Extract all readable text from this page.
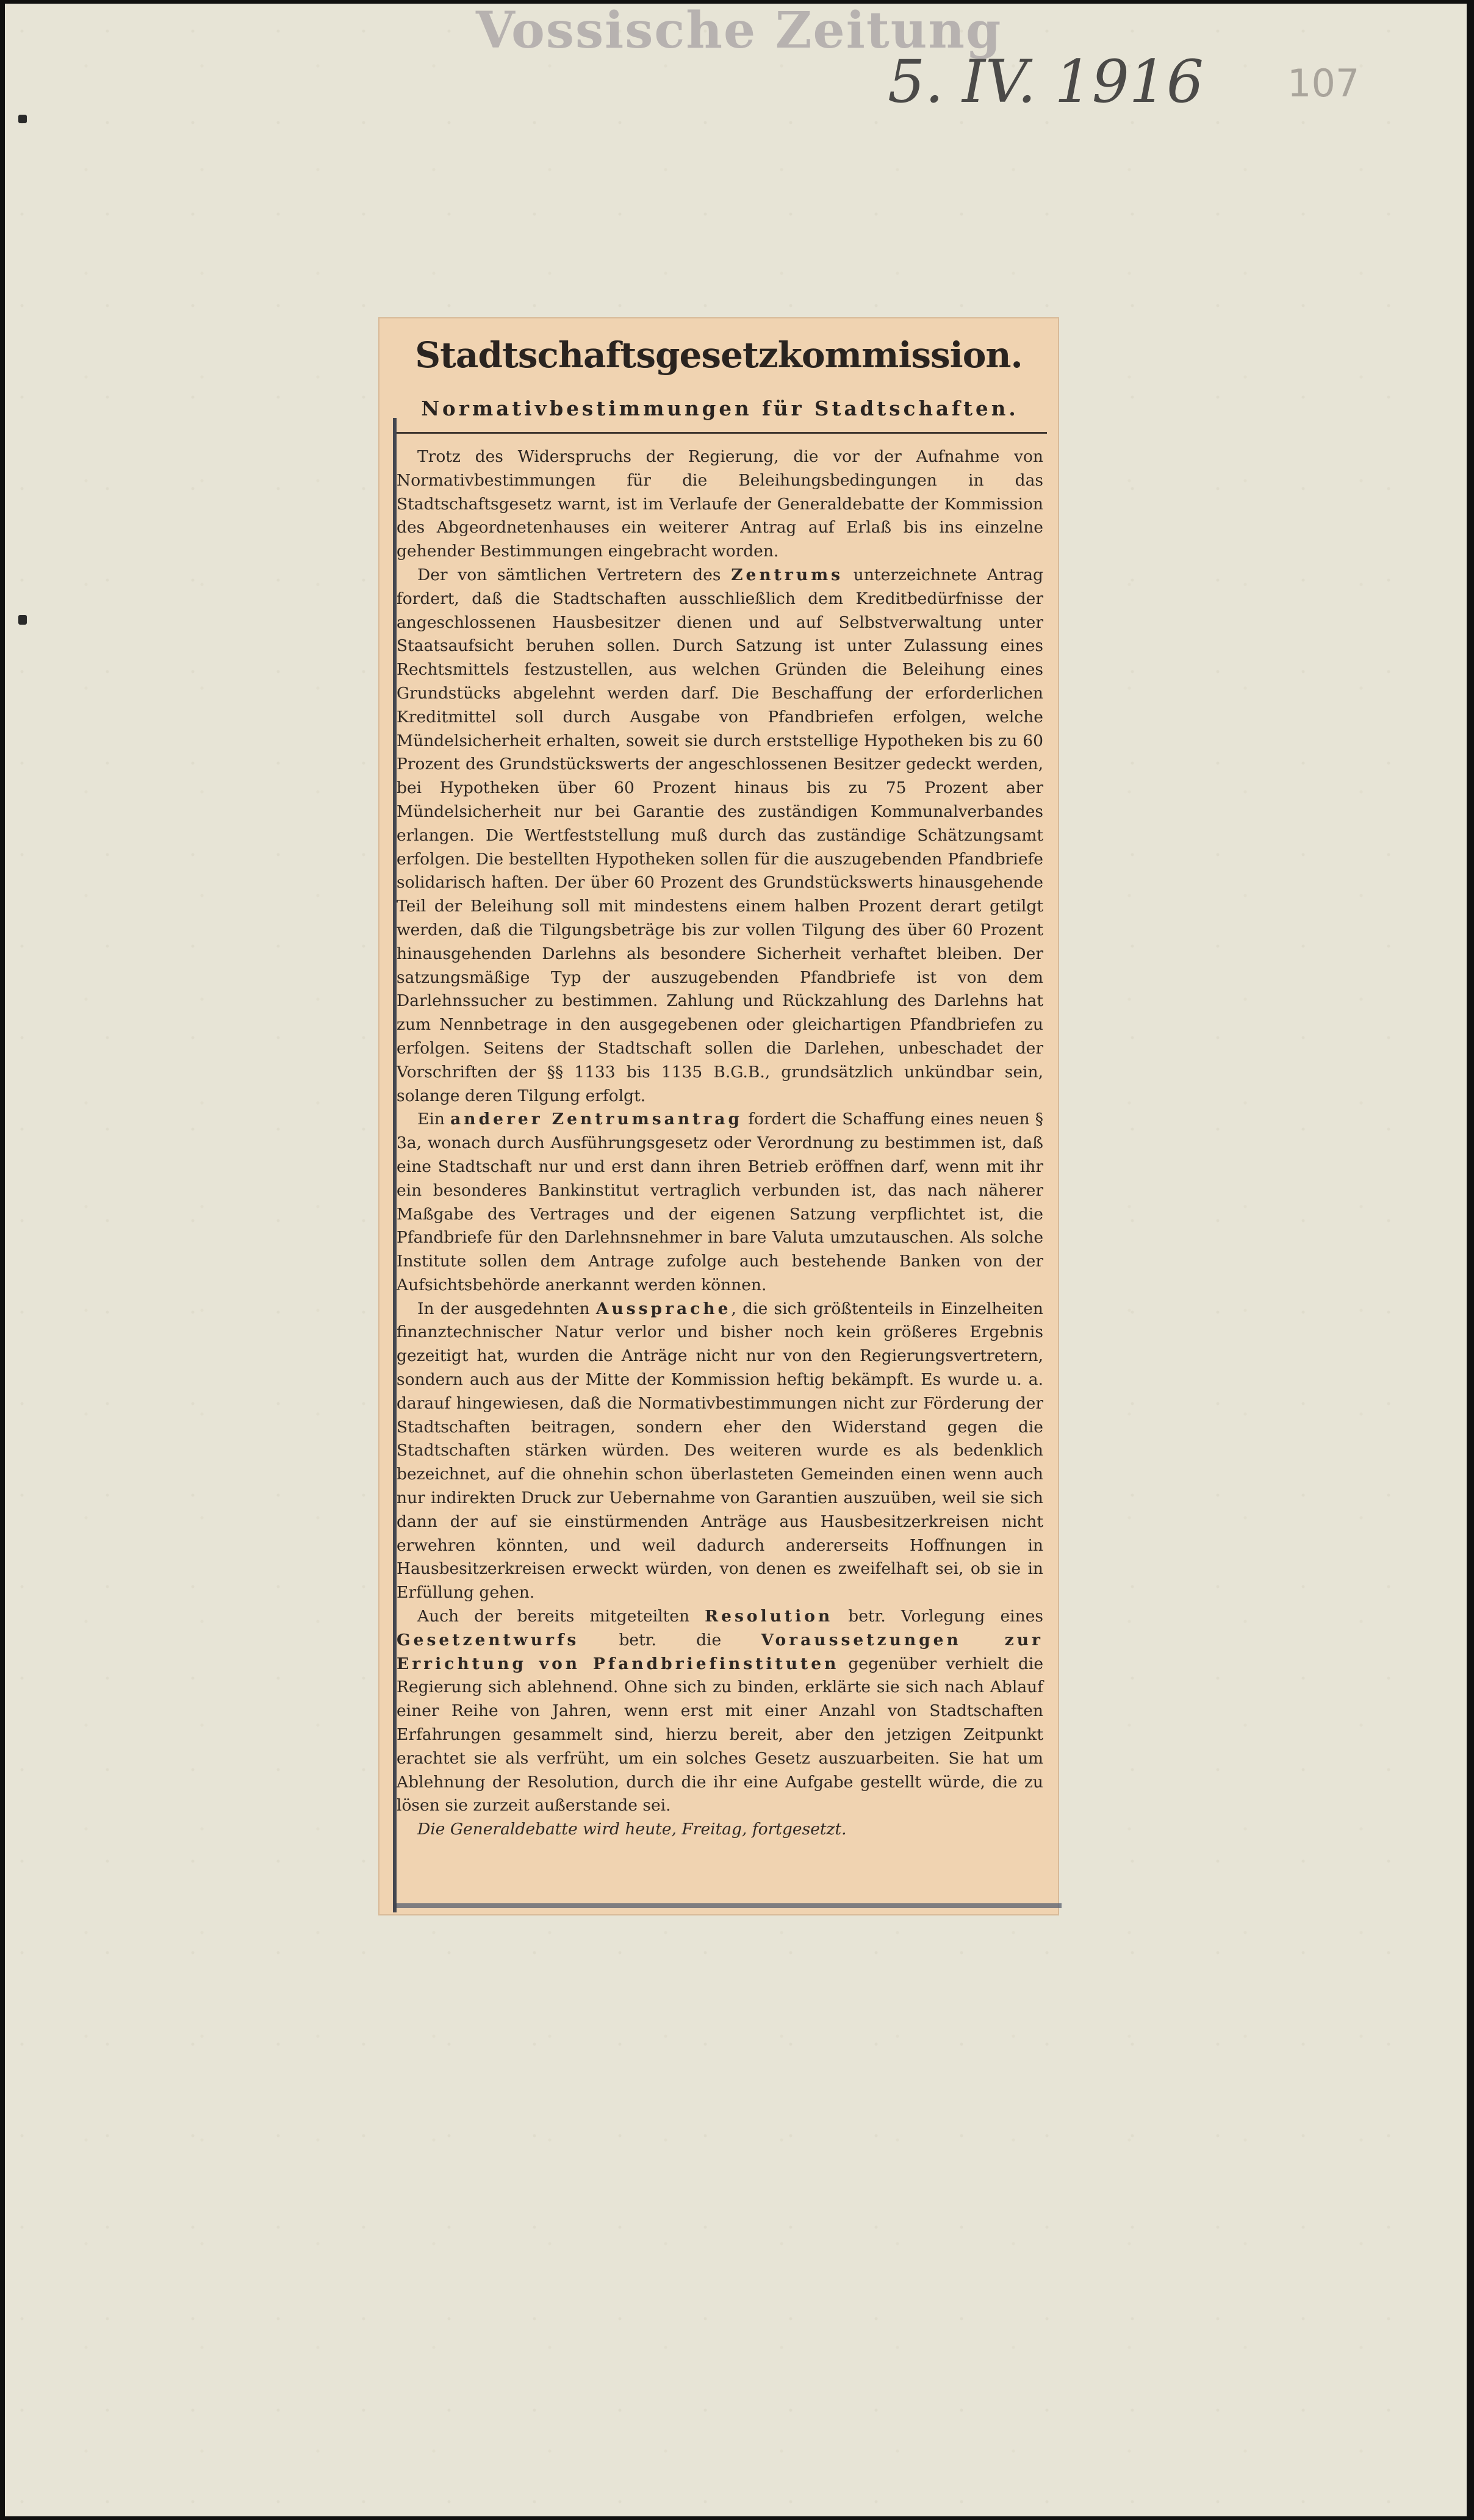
Vossische Zeitung
5. IV. 1916 107
Stadtschaftsgesetzkommission.
Normativbestimmungen für Stadtschaften.

Trotz des Widerspruchs der Regierung, die vor der Aufnahme von Normativbestimmungen für die Beleihungsbedingungen in das Stadtschaftsgesetz warnt, ist im Verlaufe der Generaldebatte der Kommission des Abgeordnetenhauses ein weiterer Antrag auf Erlaß bis ins einzelne gehender Bestimmungen eingebracht worden.

Der von sämtlichen Vertretern des Zentrums unterzeichnete Antrag fordert, daß die Stadtschaften ausschließlich dem Kreditbedürfnisse der angeschlossenen Hausbesitzer dienen und auf Selbstverwaltung unter Staatsaufsicht beruhen sollen. Durch Satzung ist unter Zulassung eines Rechtsmittels festzustellen, aus welchen Gründen die Beleihung eines Grundstücks abgelehnt werden darf. Die Beschaffung der erforderlichen Kreditmittel soll durch Ausgabe von Pfandbriefen erfolgen, welche Mündelsicherheit erhalten, soweit sie durch erststellige Hypotheken bis zu 60 Prozent des Grundstückswerts der angeschlossenen Besitzer gedeckt werden, bei Hypotheken über 60 Prozent hinaus bis zu 75 Prozent aber Mündelsicherheit nur bei Garantie des zuständigen Kommunalverbandes erlangen. Die Wertfeststellung muß durch das zuständige Schätzungsamt erfolgen. Die bestellten Hypotheken sollen für die auszugebenden Pfandbriefe solidarisch haften. Der über 60 Prozent des Grundstückswerts hinausgehende Teil der Beleihung soll mit mindestens einem halben Prozent derart getilgt werden, daß die Tilgungsbeträge bis zur vollen Tilgung des über 60 Prozent hinausgehenden Darlehns als besondere Sicherheit verhaftet bleiben. Der satzungsmäßige Typ der auszugebenden Pfandbriefe ist von dem Darlehnssucher zu bestimmen. Zahlung und Rückzahlung des Darlehns hat zum Nennbetrage in den ausgegebenen oder gleichartigen Pfandbriefen zu erfolgen. Seitens der Stadtschaft sollen die Darlehen, unbeschadet der Vorschriften der §§ 1133 bis 1135 B.G.B., grundsätzlich unkündbar sein, solange deren Tilgung erfolgt.

Ein anderer Zentrumsantrag fordert die Schaffung eines neuen § 3a, wonach durch Ausführungsgesetz oder Verordnung zu bestimmen ist, daß eine Stadtschaft nur und erst dann ihren Betrieb eröffnen darf, wenn mit ihr ein besonderes Bankinstitut vertraglich verbunden ist, das nach näherer Maßgabe des Vertrages und der eigenen Satzung verpflichtet ist, die Pfandbriefe für den Darlehnsnehmer in bare Valuta umzutauschen. Als solche Institute sollen dem Antrage zufolge auch bestehende Banken von der Aufsichtsbehörde anerkannt werden können.

In der ausgedehnten Aussprache, die sich größtenteils in Einzelheiten finanztechnischer Natur verlor und bisher noch kein größeres Ergebnis gezeitigt hat, wurden die Anträge nicht nur von den Regierungsvertretern, sondern auch aus der Mitte der Kommission heftig bekämpft. Es wurde u. a. darauf hingewiesen, daß die Normativbestimmungen nicht zur Förderung der Stadtschaften beitragen, sondern eher den Widerstand gegen die Stadtschaften stärken würden. Des weiteren wurde es als bedenklich bezeichnet, auf die ohnehin schon überlasteten Gemeinden einen wenn auch nur indirekten Druck zur Uebernahme von Garantien auszuüben, weil sie sich dann der auf sie einstürmenden Anträge aus Hausbesitzerkreisen nicht erwehren könnten, und weil dadurch andererseits Hoffnungen in Hausbesitzerkreisen erweckt würden, von denen es zweifelhaft sei, ob sie in Erfüllung gehen.

Auch der bereits mitgeteilten Resolution betr. Vorlegung eines Gesetzentwurfs betr. die Voraussetzungen zur Errichtung von Pfandbriefinstituten gegenüber verhielt die Regierung sich ablehnend. Ohne sich zu binden, erklärte sie sich nach Ablauf einer Reihe von Jahren, wenn erst mit einer Anzahl von Stadtschaften Erfahrungen gesammelt sind, hierzu bereit, aber den jetzigen Zeitpunkt erachtet sie als verfrüht, um ein solches Gesetz auszuarbeiten. Sie hat um Ablehnung der Resolution, durch die ihr eine Aufgabe gestellt würde, die zu lösen sie zurzeit außerstande sei.

Die Generaldebatte wird heute, Freitag, fortgesetzt.
